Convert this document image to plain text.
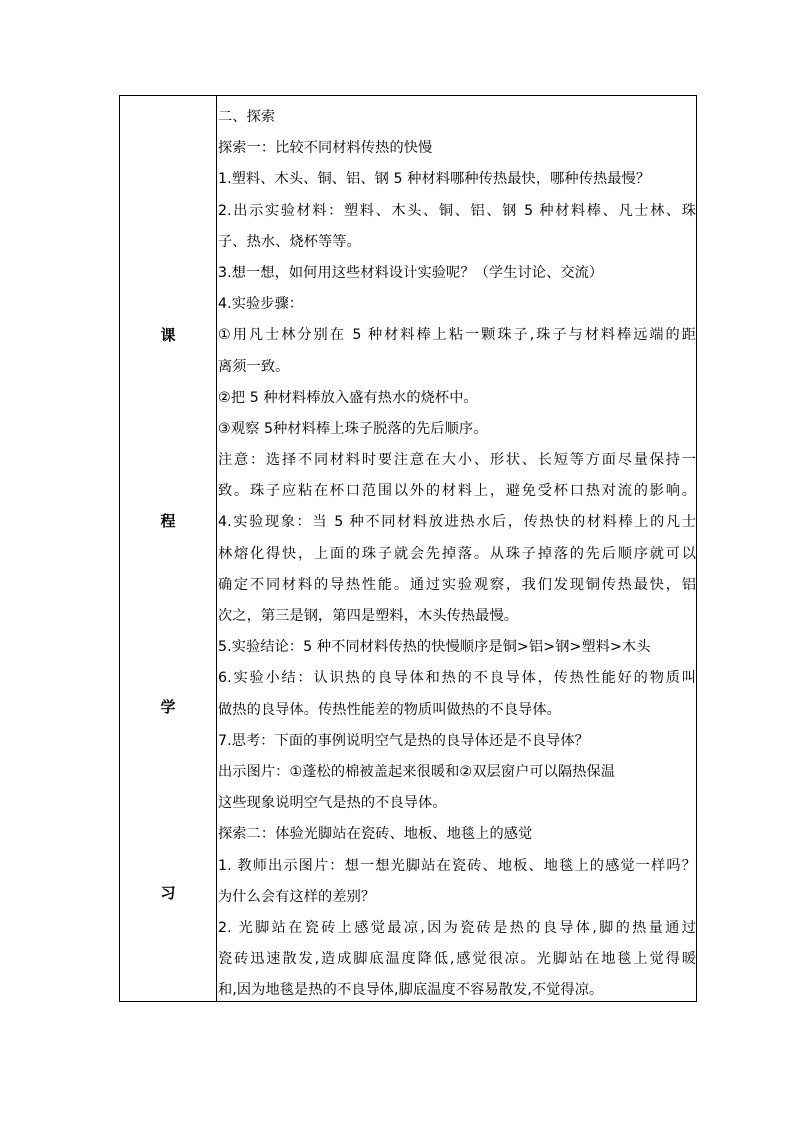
课
程
学
习
二、探索
探索一：比较不同材料传热的快慢
1.塑料、木头、铜、铝、钢 5 种材料哪种传热最快，哪种传热最慢？
2.出示实验材料：塑料、木头、铜、铝、钢 5 种材料棒、凡士林、珠
子、热水、烧杯等等。
3.想一想，如何用这些材料设计实验呢？（学生讨论、交流）
4.实验步骤：
①用凡士林分别在 5 种材料棒上粘一颗珠子,珠子与材料棒远端的距
离须一致。
②把 5 种材料棒放入盛有热水的烧杯中。
③观察 5种材料棒上珠子脱落的先后顺序。
注意：选择不同材料时要注意在大小、形状、长短等方面尽量保持一
致。珠子应粘在杯口范围以外的材料上，避免受杯口热对流的影响。
4.实验现象：当 5 种不同材料放进热水后，传热快的材料棒上的凡士
林熔化得快，上面的珠子就会先掉落。从珠子掉落的先后顺序就可以
确定不同材料的导热性能。通过实验观察，我们发现铜传热最快，铝
次之，第三是钢，第四是塑料，木头传热最慢。
5.实验结论：5 种不同材料传热的快慢顺序是铜>铝>钢>塑料>木头
6.实验小结：认识热的良导体和热的不良导体，传热性能好的物质叫
做热的良导体。传热性能差的物质叫做热的不良导体。
7.思考：下面的事例说明空气是热的良导体还是不良导体？
出示图片：①蓬松的棉被盖起来很暖和②双层窗户可以隔热保温
这些现象说明空气是热的不良导体。
探索二：体验光脚站在瓷砖、地板、地毯上的感觉
1. 教师出示图片：想一想光脚站在瓷砖、地板、地毯上的感觉一样吗？
为什么会有这样的差别？
2. 光脚站在瓷砖上感觉最凉,因为瓷砖是热的良导体,脚的热量通过
瓷砖迅速散发,造成脚底温度降低,感觉很凉。光脚站在地毯上觉得暖
和,因为地毯是热的不良导体,脚底温度不容易散发,不觉得凉。
